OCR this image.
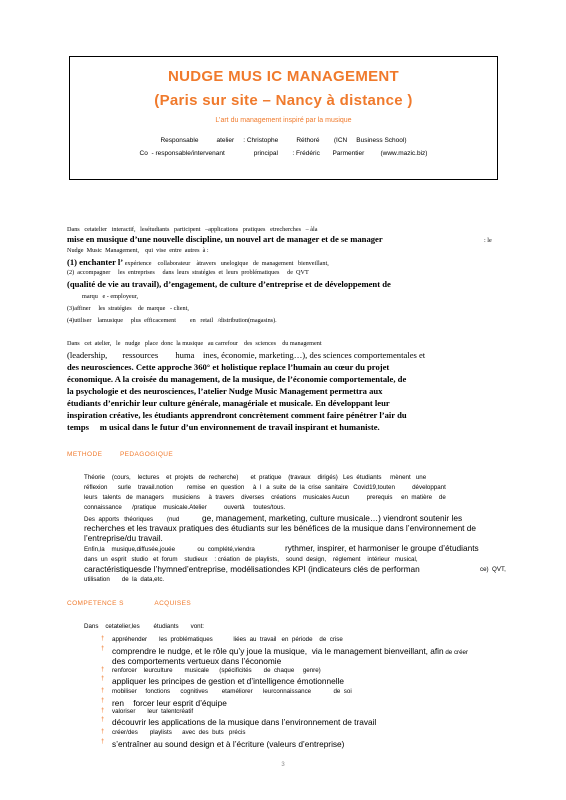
NUDGE MUS IC MANAGEMENT
(Paris sur site – Nancy à distance )
L’art du management inspiré par la musique
Responsable          atelier     : Christophe          Réthoré        (ICN     Business School)
Co  - responsable/intervenant                principal        : Frédéric       Parmentier         (www.mazic.biz)
Dans   cetatelier   interactif,   lesétudiants   participent   –applications   pratiques   etrecherches   – àla
mise en musique d’une nouvelle discipline, un nouvel art de manager et de se manager	: le
Nudge  Music  Management,    qui  vise  entre  autres  à :
(1) enchanter l’ expérience    collaborateur    àtravers   unelogique   de  management   bienveillant,
(2)  accompagner     les  entreprises     dans  leurs  stratégies  et  leurs  problématiques     de  QVT
(qualité de vie au travail), d’engagement, de culture d’entreprise et de développement de
marqu   e - employeur,
(3)affiner     les  stratégies    de  marque   - client,
(4)utiliser    lamusique     plus  efficacement         en   retail   /distribution(magasins).
Dans   cet  atelier,   le   nudge   place  donc  la musique   au carrefour    des  sciences    du management
(leadership,       ressources        huma    ines, économie, marketing…), des sciences comportementales et
des neurosciences. Cette approche 360° et holistique replace l’humain au cœur du projet
économique. A la croisée du management, de la musique, de l’économie comportementale, de
la psychologie et des neurosciences, l’atelier Nudge Music Management permettra aux
étudiants d’enrichir leur culture générale, managériale et musicale. En développant leur
inspiration créative, les étudiants apprendront concrètement comment faire pénétrer l’air du
temps     m usical dans le futur d’un environnement de travail inspirant et humaniste.
METHODE        PEDAGOGIQUE
Théorie    (cours,    lectures    et  projets   de  recherche)       et  pratique    (travaux    dirigés)   Les  étudiants     mènent   une
réflexion      surle    travail.notion        remise   en  question     à  l   a  suite  de  la  crise  sanitaire   Covid19,touten          développant
leurs   talents   de  managers     musiciens     à  travers    diverses    créations    musicales Aucun          prerequis     en  matière    de
connaissance      /pratique    musicale.Atelier          ouvertà     toutes/tous.
Des  apports   théoriques        (nud	ge, management, marketing, culture musicale…) viendront soutenir les
recherches et les travaux pratiques des étudiants sur les bénéfices de la musique dans l’environnement de
l’entreprise/du travail.
Enfin,la    musique,diffusée,jouée             ou  complété,viendra	rythmer, inspirer, et harmoniser le groupe d’étudiants
dans  un  esprit   studio   et  forum    studieux    : création   de  playlists,    sound  design,    réglement    intérieur   musical,
caractéristiquesde l’hymned’entreprise, modélisationdes KPI (indicateurs clés de performan	ce)  QVT,
utilisation       de  la  data,etc.
COMPETENCE S              ACQUISES
Dans    cetatelier,les        étudiants       vont:
† appréhender       les  problématiques            liées  au  travail   en  période    de  crise
† comprendre le nudge, et le rôle qu’y joue la musique,  via le management bienveillant, afin de créer
des comportements vertueux dans l’économie
† renforcer    leurculture       musicale      (spécificités       de  chaque     genre)
† appliquer les principes de gestion et d’intelligence émotionnelle
† mobiliser     fonctions      cognitives        etaméliorer      leurconnaissance             de  soi
† ren    forcer leur esprit d’équipe
† valoriser       leur  talentcréatif
† découvrir les applications de la musique dans l’environnement de travail
† créer/des       playlists      avec  des  buts   précis
† s’entraîner au sound design et à l’écriture (valeurs d’entreprise)
3
